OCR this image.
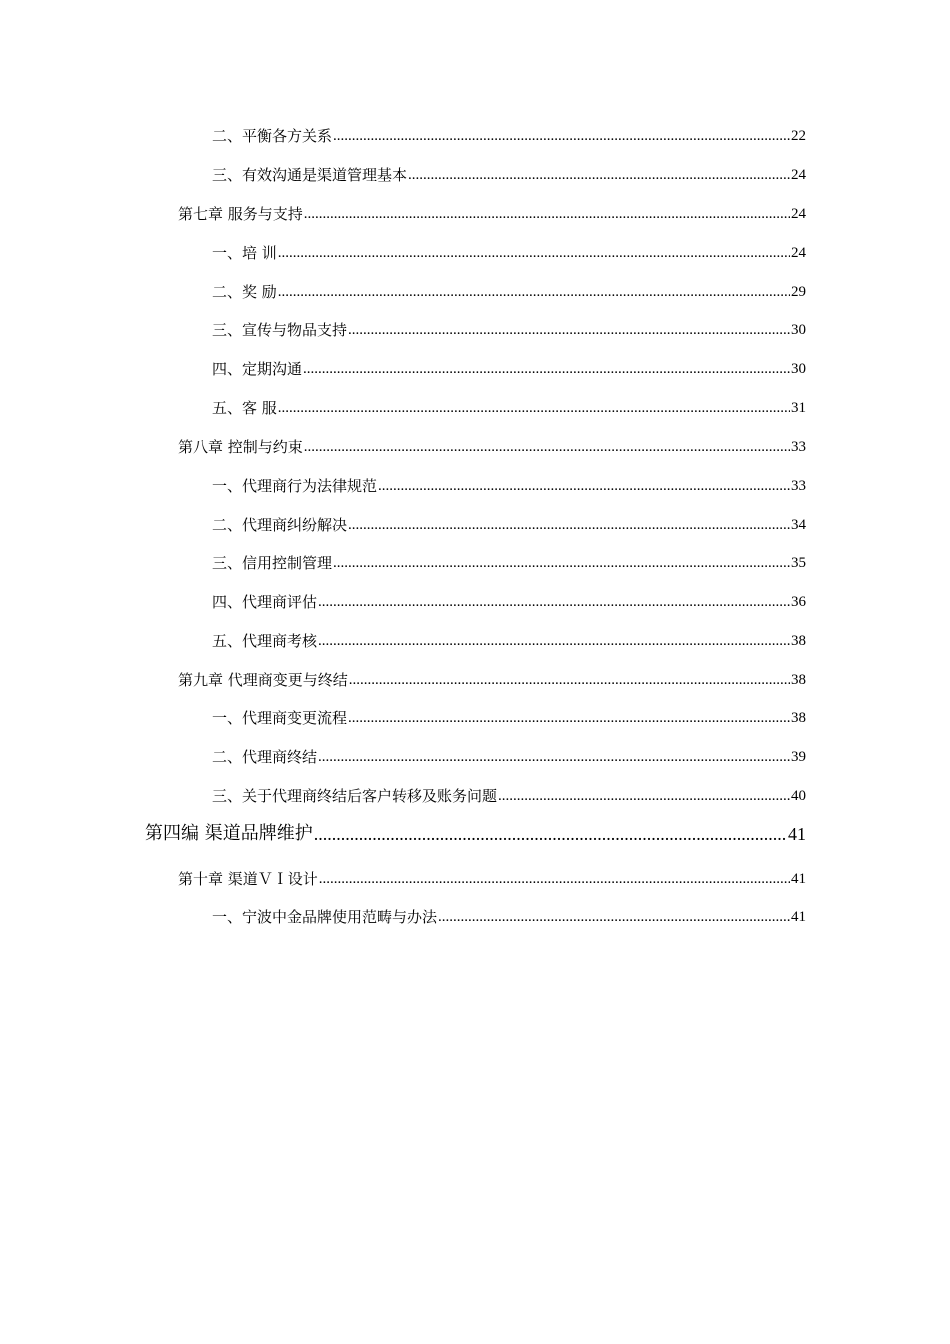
二、平衡各方关系 .....	22
三、有效沟通是渠道管理基本 .....	24
第七章 服务与支持 .....	24
一、培 训 .....	24
二、奖 励 .....	29
三、宣传与物品支持 .....	30
四、定期沟通 .....	30
五、客 服 .....	31
第八章 控制与约束 .....	33
一、代理商行为法律规范 .....	33
二、代理商纠纷解决 .....	34
三、信用控制管理 .....	35
四、代理商评估 .....	36
五、代理商考核 .....	38
第九章 代理商变更与终结 .....	38
一、代理商变更流程 .....	38
二、代理商终结 .....	39
三、关于代理商终结后客户转移及账务问题 .....	40
第四编 渠道品牌维护 .....	41
第十章 渠道ＶＩ设计 .....	41
一、宁波中金品牌使用范畴与办法 .....	41
